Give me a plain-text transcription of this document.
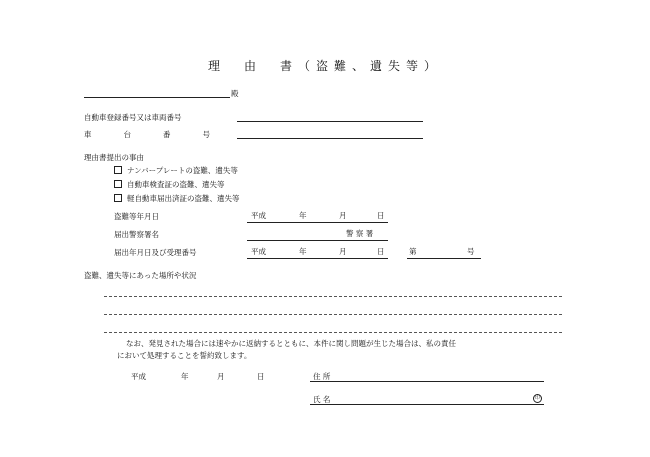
理　由　書（盗難、遺失等）
殿
自動車登録番号又は車両番号
車	台	番	号
理由書提出の事由
ナンバープレートの盗難、遺失等
自動車検査証の盗難、遺失等
軽自動車届出済証の盗難、遺失等
盗難等年月日	平成	年	月	日
届出警察署名	警 察 署
届出年月日及び受理番号	平成	年	月	日	第	号
盗難、遺失等にあった場所や状況
なお、発見された場合には速やかに返納するとともに、本件に関し問題が生じた場合は、私の責任
において処理することを誓約致します。
平成	年	月	日	住 所
氏 名	印
